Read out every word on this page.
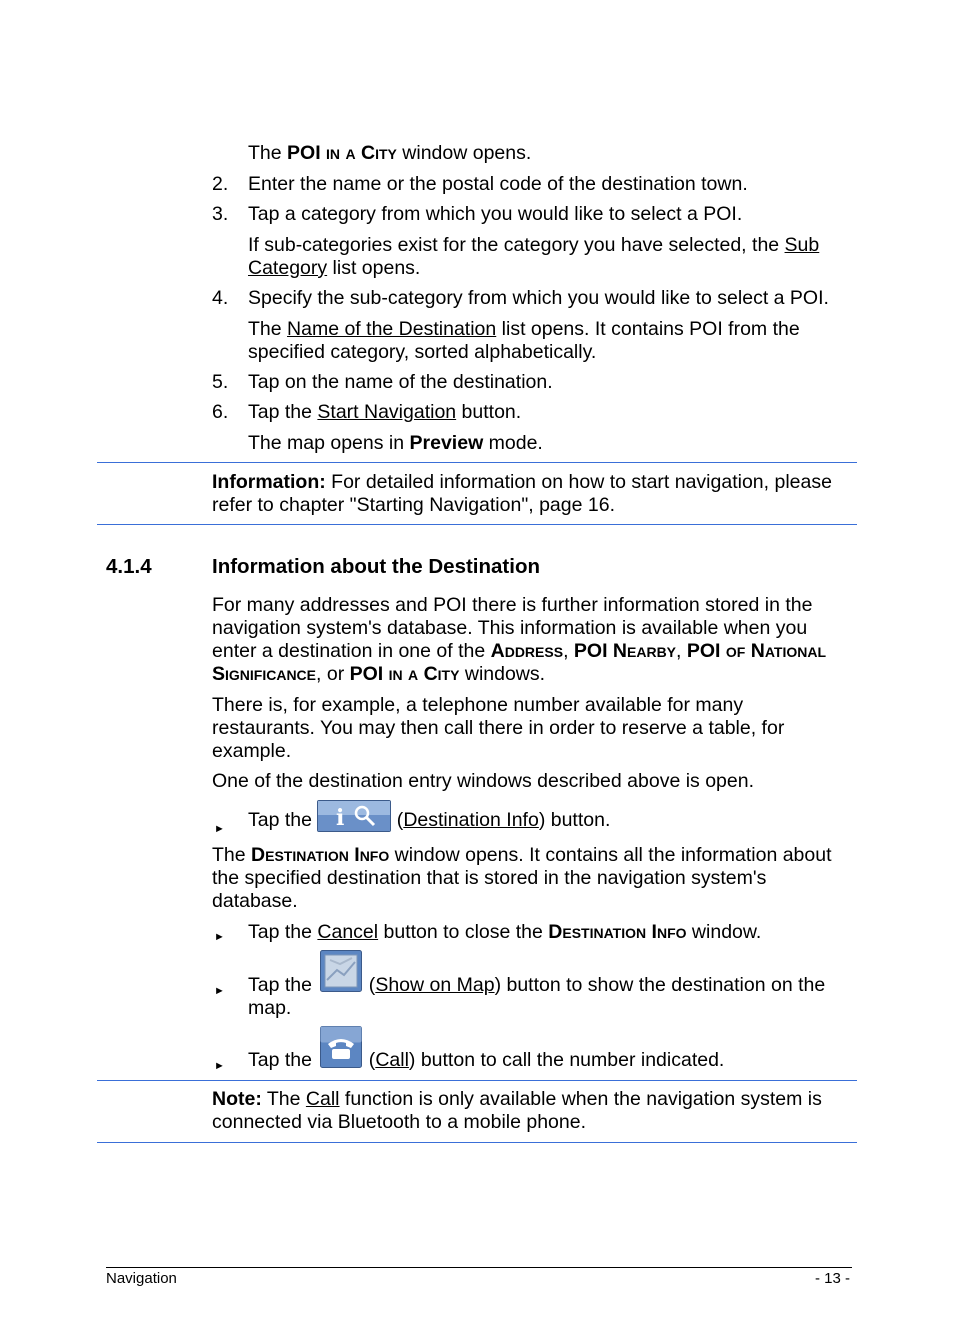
The POI in a City window opens.
2. Enter the name or the postal code of the destination town.
3. Tap a category from which you would like to select a POI.
If sub-categories exist for the category you have selected, the Sub Category list opens.
4. Specify the sub-category from which you would like to select a POI.
The Name of the Destination list opens. It contains POI from the specified category, sorted alphabetically.
5. Tap on the name of the destination.
6. Tap the Start Navigation button.
The map opens in Preview mode.
Information: For detailed information on how to start navigation, please refer to chapter "Starting Navigation", page 16.
4.1.4	Information about the Destination
For many addresses and POI there is further information stored in the navigation system's database. This information is available when you enter a destination in one of the Address, POI Nearby, POI of National Significance, or POI in a City windows.
There is, for example, a telephone number available for many restaurants. You may then call there in order to reserve a table, for example.
One of the destination entry windows described above is open.
► Tap the i (Destination Info) button.
The Destination Info window opens. It contains all the information about the specified destination that is stored in the navigation system's database.
► Tap the Cancel button to close the Destination Info window.
► Tap the  (Show on Map) button to show the destination on the map.
► Tap the  (Call) button to call the number indicated.
Note: The Call function is only available when the navigation system is connected via Bluetooth to a mobile phone.
Navigation	- 13 -
